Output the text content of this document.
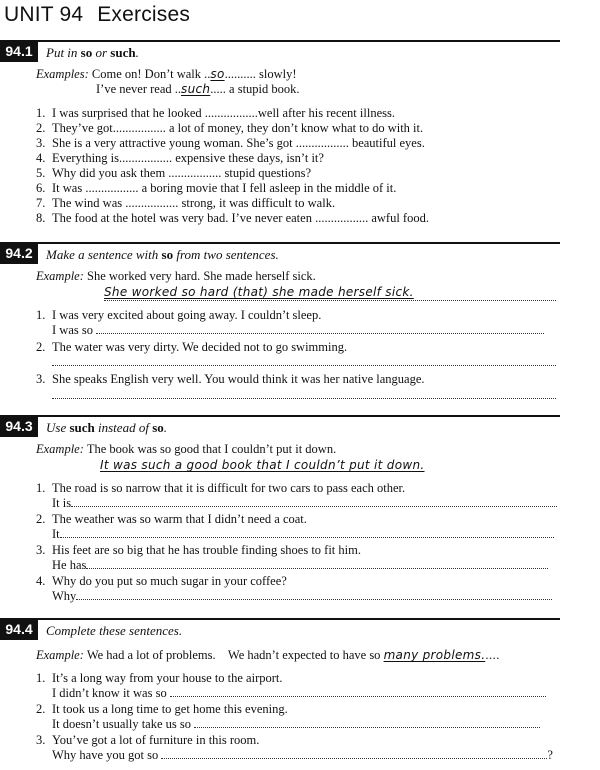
UNIT 94 Exercises
94.1	Put in so or such.
Examples: Come on! Don’t walk ..so.......... slowly!
I’ve never read ..such..... a stupid book.
1. I was surprised that he looked .................well after his recent illness.
2. They’ve got................. a lot of money, they don’t know what to do with it.
3. She is a very attractive young woman. She’s got ................. beautiful eyes.
4. Everything is................. expensive these days, isn’t it?
5. Why did you ask them ................. stupid questions?
6. It was ................. a boring movie that I fell asleep in the middle of it.
7. The wind was ................. strong, it was difficult to walk.
8. The food at the hotel was very bad. I’ve never eaten ................. awful food.
94.2	Make a sentence with so from two sentences.
Example: She worked very hard. She made herself sick.
She worked so hard (that) she made herself sick.
1. I was very excited about going away. I couldn’t sleep.
I was so
2. The water was very dirty. We decided not to go swimming.
3. She speaks English very well. You would think it was her native language.
94.3	Use such instead of so.
Example: The book was so good that I couldn’t put it down.
It was such a good book that I couldn’t put it down.
1. The road is so narrow that it is difficult for two cars to pass each other.
It is
2. The weather was so warm that I didn’t need a coat.
It
3. His feet are so big that he has trouble finding shoes to fit him.
He has
4. Why do you put so much sugar in your coffee?
Why
94.4	Complete these sentences.
Example: We had a lot of problems.    We hadn’t expected to have so many problems.....
1. It’s a long way from your house to the airport.
I didn’t know it was so
2. It took us a long time to get home this evening.
It doesn’t usually take us so
3. You’ve got a lot of furniture in this room.
Why have you got so	?
